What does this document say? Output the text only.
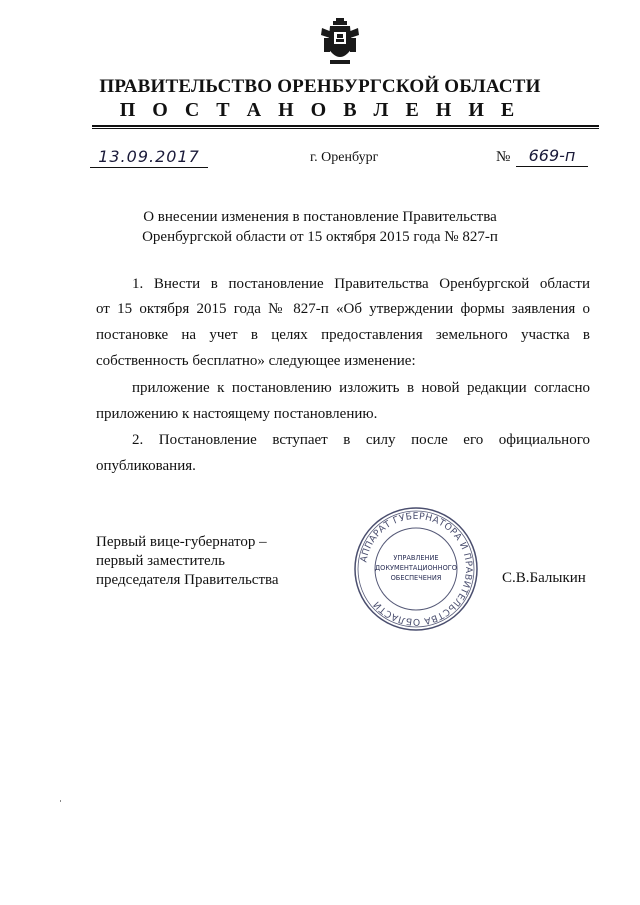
ПРАВИТЕЛЬСТВО ОРЕНБУРГСКОЙ ОБЛАСТИ
П О С Т А Н О В Л Е Н И Е
13.09.2017	г. Оренбург	№	669-п
О внесении изменения в постановление Правительства
Оренбургской области от 15 октября 2015 года № 827-п
1. Внести в постановление Правительства Оренбургской области
от 15 октября 2015 года № 827-п «Об утверждении формы заявления о
постановке на учет в целях предоставления земельного участка в
собственность бесплатно» следующее изменение:
приложение к постановлению изложить в новой редакции согласно
приложению к настоящему постановлению.
2. Постановление вступает в силу после его официального
опубликования.
Первый вице-губернатор –
первый заместитель
председателя Правительства	С.В.Балыкин
АППАРАТ ГУБЕРНАТОРА И ПРАВИТЕЛЬСТВА ОБЛАСТИ
УПРАВЛЕНИЕ
ДОКУМЕНТАЦИОННОГО
ОБЕСПЕЧЕНИЯ
